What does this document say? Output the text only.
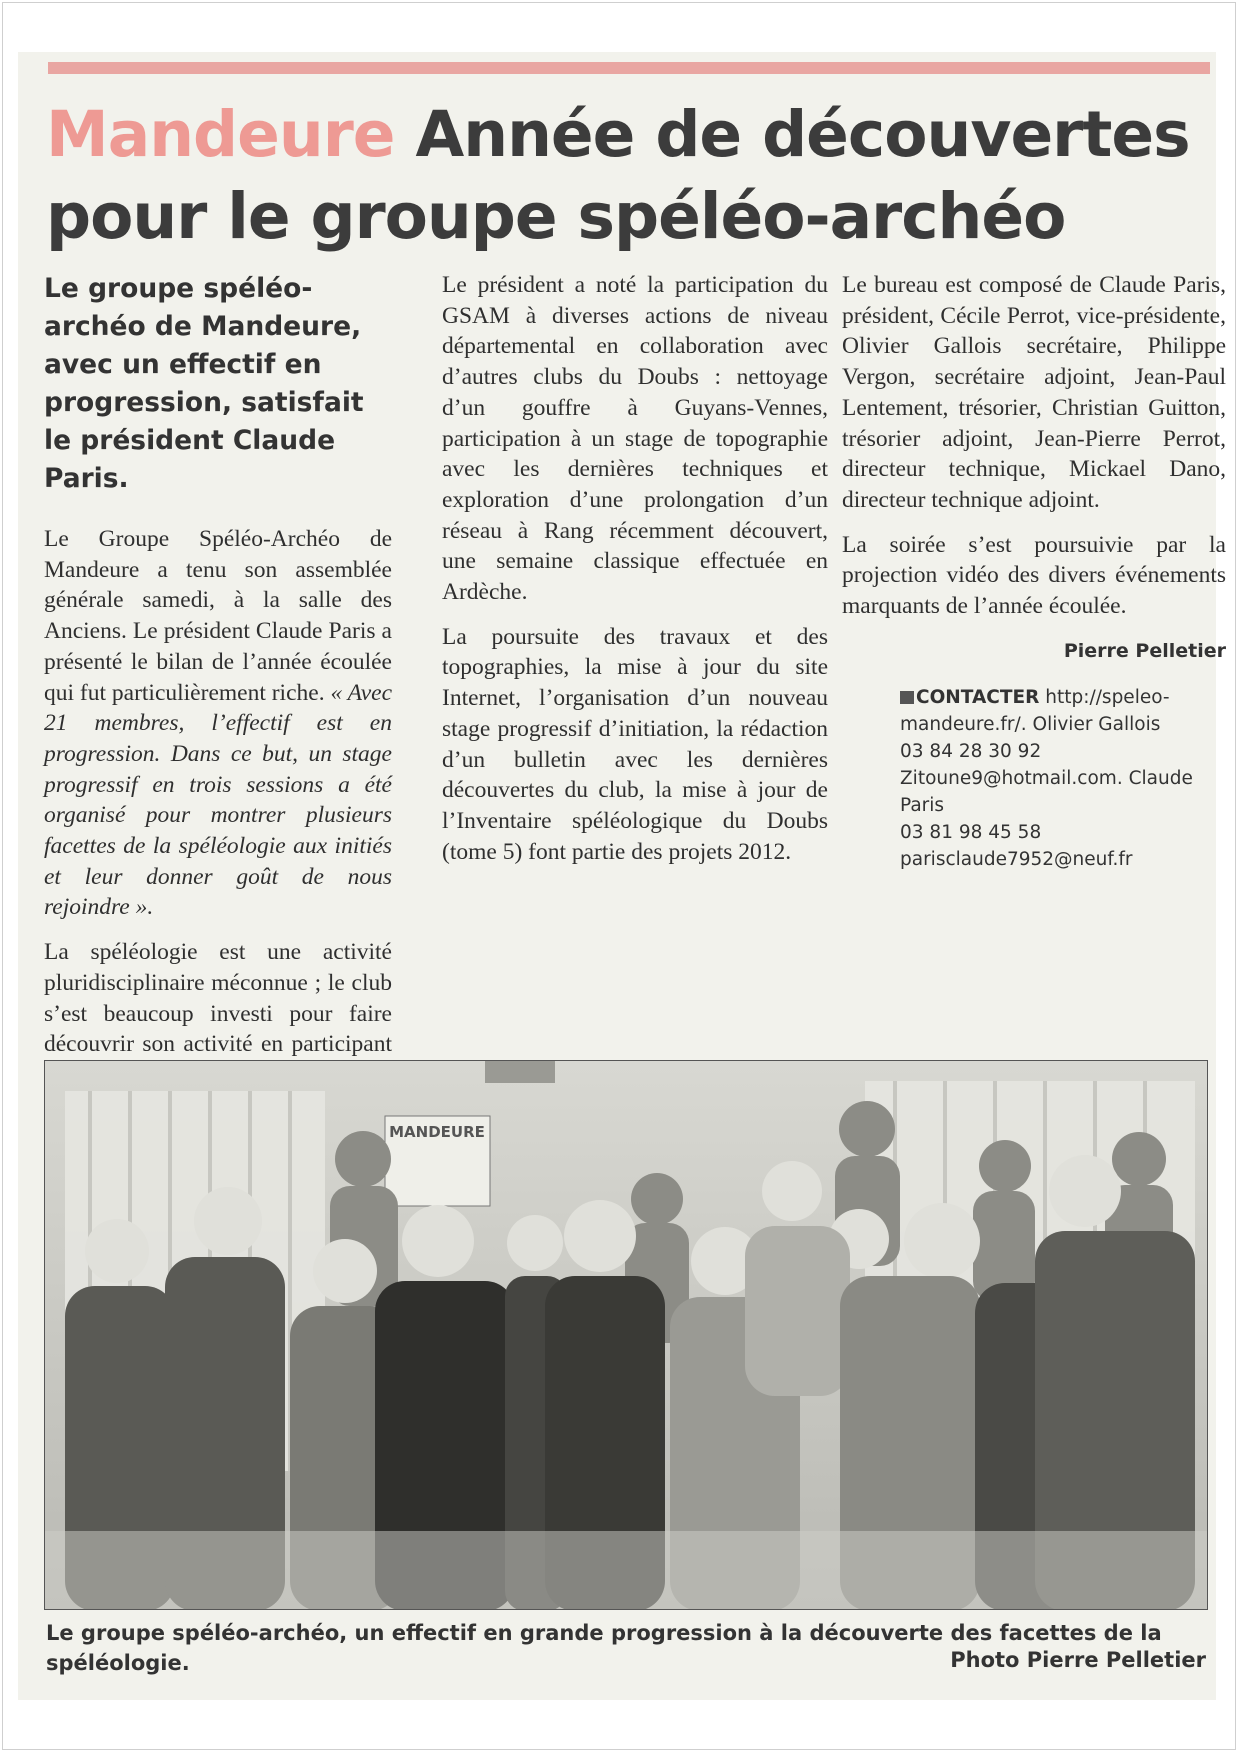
Mandeure Année de découvertes pour le groupe spéléo-archéo

Le groupe spéléo-archéo de Mandeure, avec un effectif en progression, satisfait le président Claude Paris.

Le Groupe Spéléo-Archéo de Mandeure a tenu son assemblée générale samedi, à la salle des Anciens. Le président Claude Paris a présenté le bilan de l’année écoulée qui fut particulièrement riche. « Avec 21 membres, l’effectif est en progression. Dans ce but, un stage progressif en trois sessions a été organisé pour montrer plusieurs facettes de la spéléologie aux initiés et leur donner goût de nous rejoindre ».

La spéléologie est une activité pluridisciplinaire méconnue ; le club s’est beaucoup investi pour faire découvrir son activité en participant

Le président a noté la participation du GSAM à diverses actions de niveau départemental en collaboration avec d’autres clubs du Doubs : nettoyage d’un gouffre à Guyans-Vennes, participation à un stage de topographie avec les dernières techniques et exploration d’une prolongation d’un réseau à Rang récemment découvert, une semaine classique effectuée en Ardèche.

La poursuite des travaux et des topographies, la mise à jour du site Internet, l’organisation d’un nouveau stage progressif d’initiation, la rédaction d’un bulletin avec les dernières découvertes du club, la mise à jour de l’Inventaire spéléologique du Doubs (tome 5) font partie des projets 2012.

Le bureau est composé de Claude Paris, président, Cécile Perrot, vice-présidente, Olivier Gallois secrétaire, Philippe Vergon, secrétaire adjoint, Jean-Paul Lentement, trésorier, Christian Guitton, trésorier adjoint, Jean-Pierre Perrot, directeur technique, Mickael Dano, directeur technique adjoint.

La soirée s’est poursuivie par la projection vidéo des divers événements marquants de l’année écoulée.

Pierre Pelletier

CONTACTER http://speleo-mandeure.fr/. Olivier Gallois
03 84 28 30 92 Zitoune9@hotmail.com. Claude Paris
03 81 98 45 58
parisclaude7952@neuf.fr
MANDEURE
Le groupe spéléo-archéo, un effectif en grande progression à la découverte des facettes de la spéléologie.	Photo Pierre Pelletier
